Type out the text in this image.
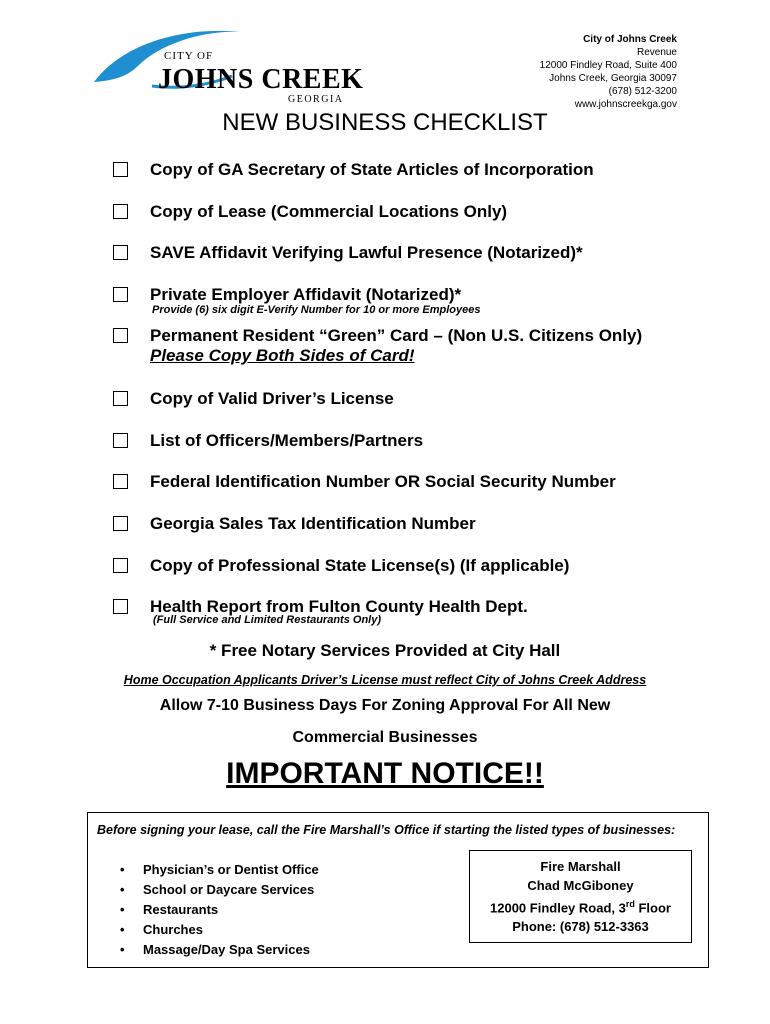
CITY OF
JOHNS CREEK
GEORGIA
City of Johns Creek
Revenue
12000 Findley Road, Suite 400
Johns Creek, Georgia 30097
(678) 512-3200
www.johnscreekga.gov
NEW BUSINESS CHECKLIST
Copy of GA Secretary of State Articles of Incorporation
Copy of Lease (Commercial Locations Only)
SAVE Affidavit Verifying Lawful Presence (Notarized)*
Private Employer Affidavit (Notarized)*
Provide (6) six digit E-Verify Number for 10 or more Employees
Permanent Resident “Green” Card – (Non U.S. Citizens Only)
Please Copy Both Sides of Card!
Copy of Valid Driver’s License
List of Officers/Members/Partners
Federal Identification Number OR Social Security Number
Georgia Sales Tax Identification Number
Copy of Professional State License(s) (If applicable)
Health Report from Fulton County Health Dept.
(Full Service and Limited Restaurants Only)
* Free Notary Services Provided at City Hall
Home Occupation Applicants Driver’s License must reflect City of Johns Creek Address
Allow 7-10 Business Days For Zoning Approval For All New
Commercial Businesses
IMPORTANT NOTICE!!
Before signing your lease, call the Fire Marshall’s Office if starting the listed types of businesses:
• Physician’s or Dentist Office
• School or Daycare Services
• Restaurants
• Churches
• Massage/Day Spa Services
Fire Marshall
Chad McGiboney
12000 Findley Road, 3rd Floor
Phone: (678) 512-3363
